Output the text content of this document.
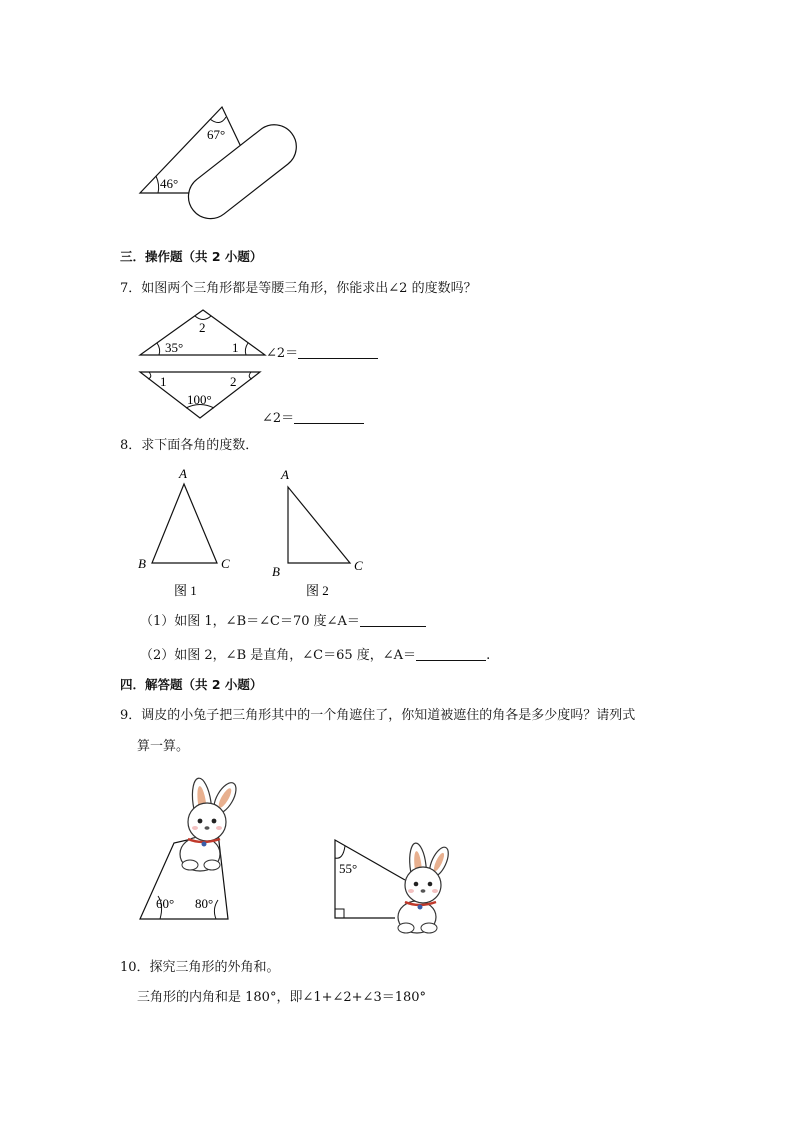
67°
46°
三．操作题（共 2 小题）
7．如图两个三角形都是等腰三角形，你能求出∠2 的度数吗？
2
35°	1
1	2
100°
∠2＝
∠2＝
8．求下面各角的度数．
A
B	C
图 1
A
B	C
图 2
（1）如图 1，∠B＝∠C＝70 度∠A＝
（2）如图 2，∠B 是直角，∠C＝65 度，∠A＝	.
四．解答题（共 2 小题）
9．调皮的小兔子把三角形其中的一个角遮住了，你知道被遮住的角各是多少度吗？请列式
算一算。
60° 80°
55°
10．探究三角形的外角和。
三角形的内角和是 180°，即∠1+∠2+∠3＝180°
